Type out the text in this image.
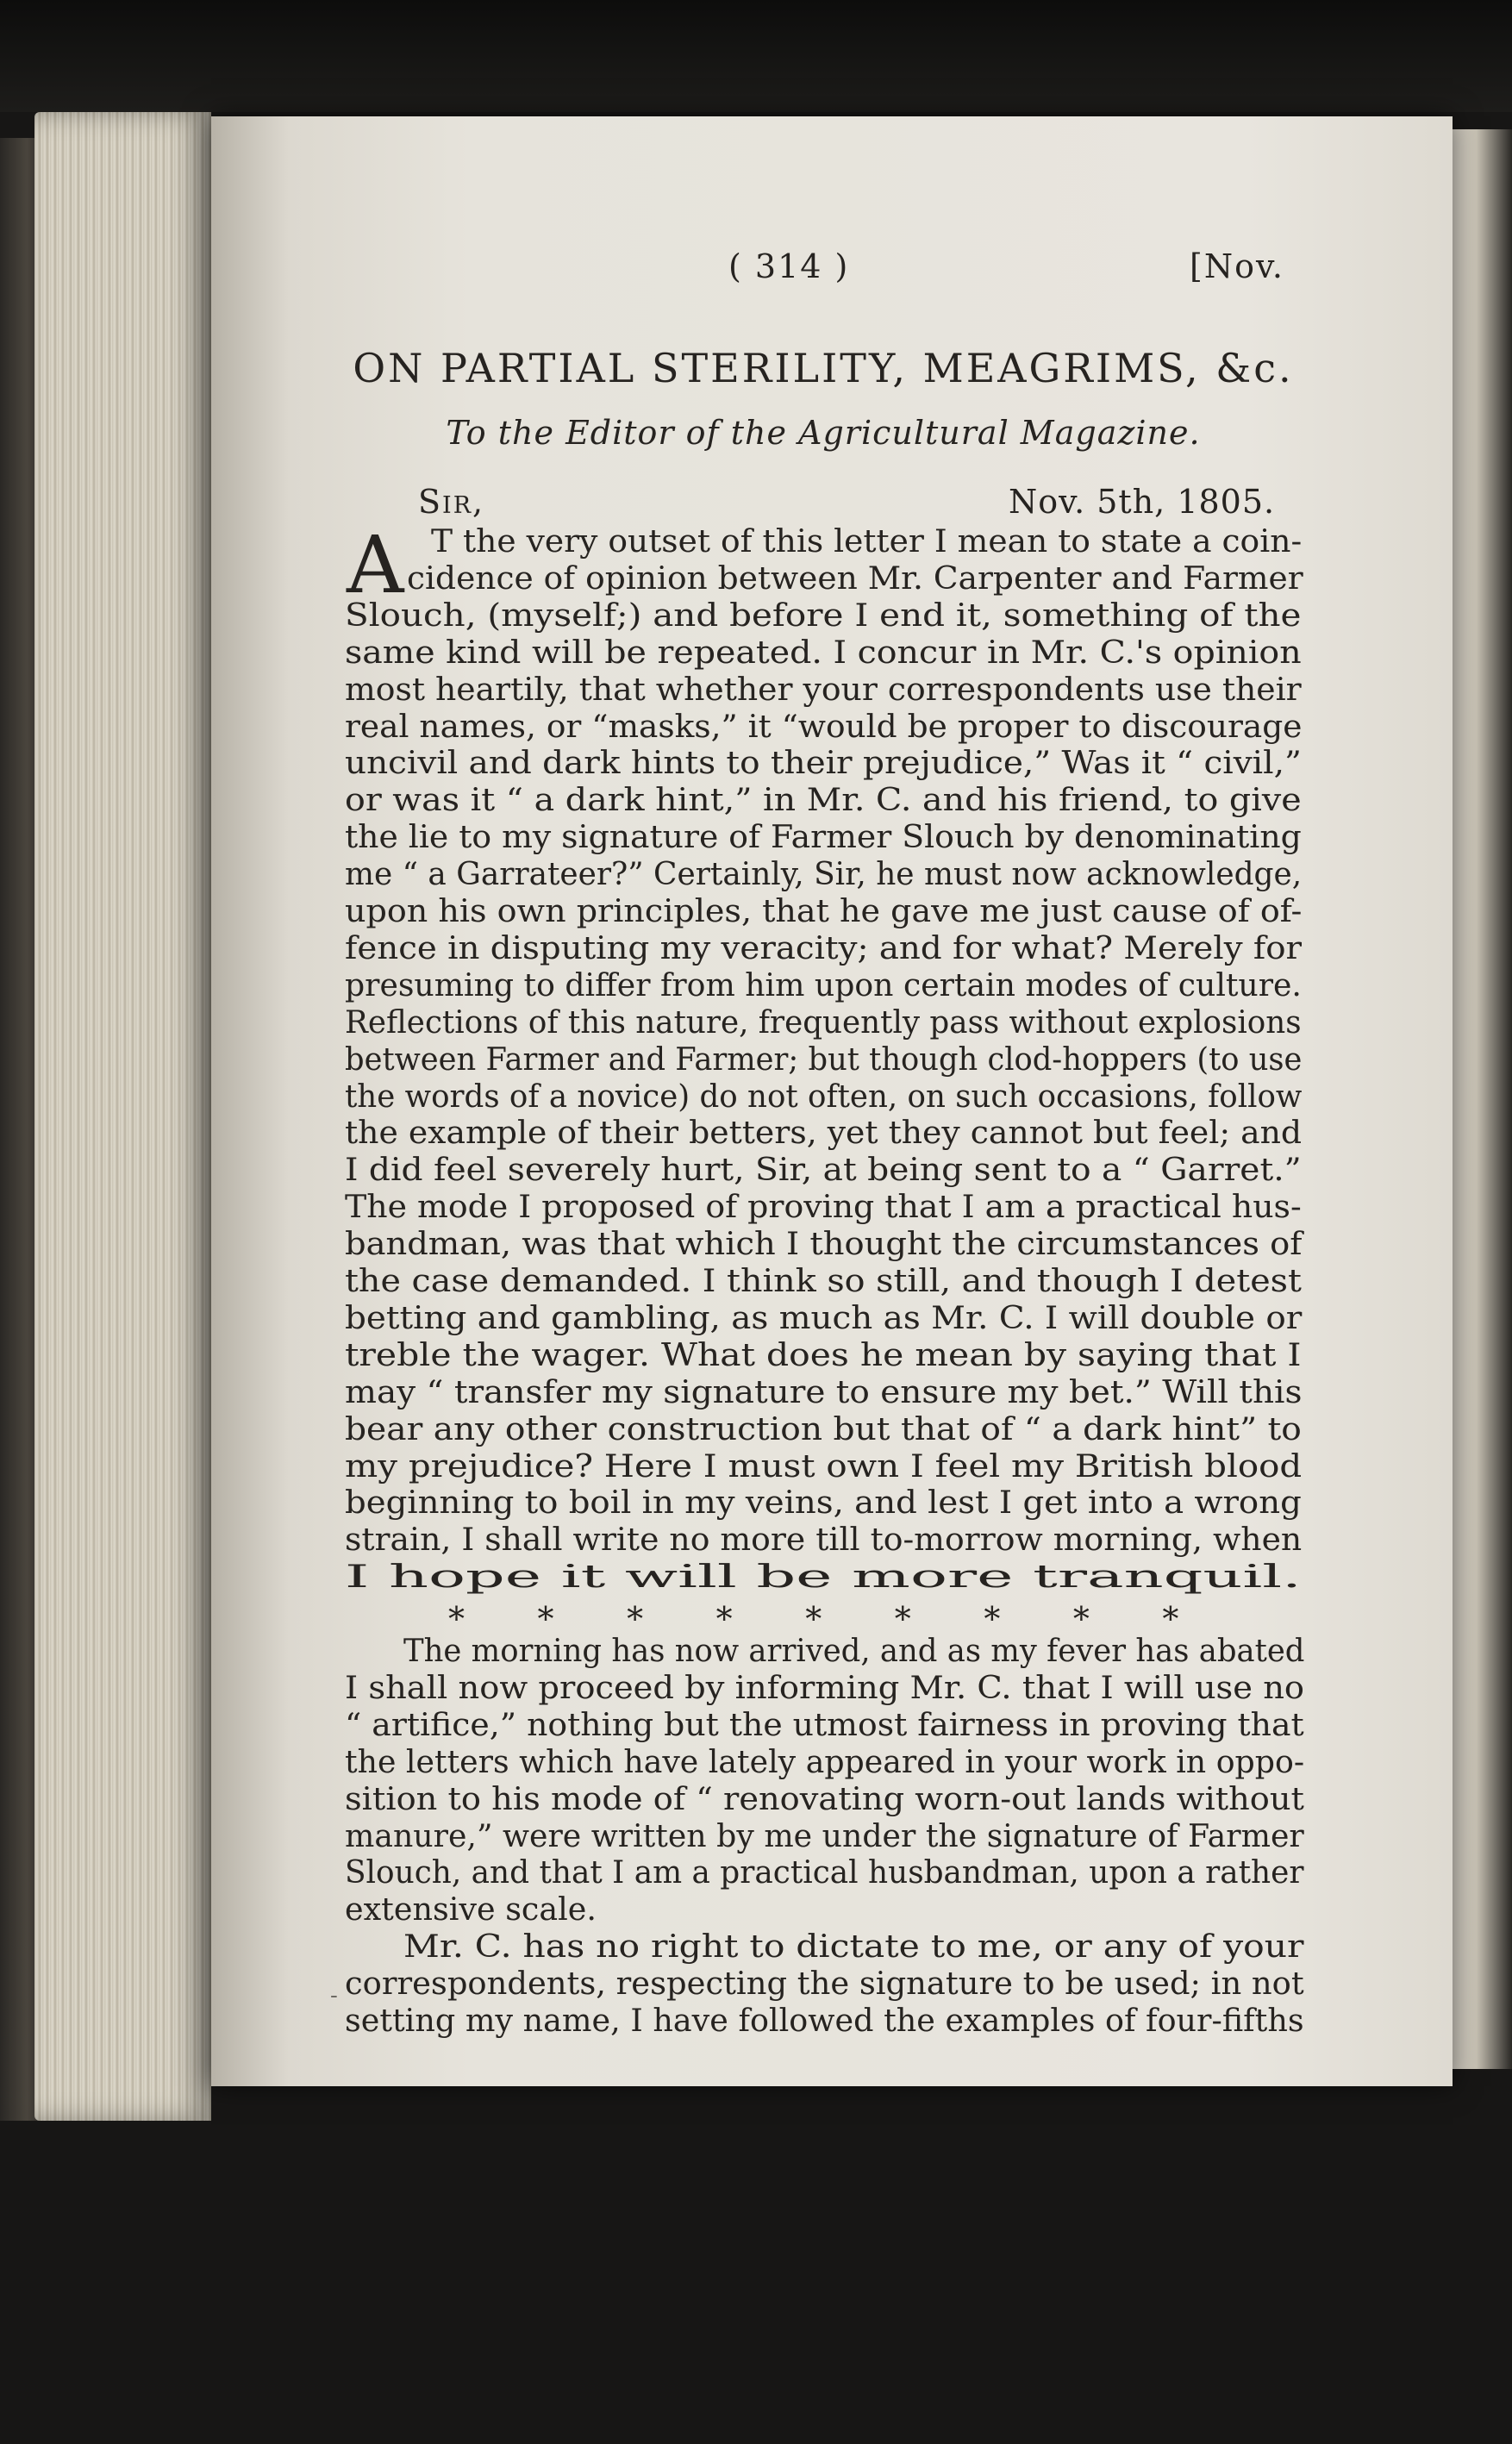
( 314 )	[Nov.
ON PARTIAL STERILITY, MEAGRIMS, &c.
To the Editor of the Agricultural Magazine.
Sir,	Nov. 5th, 1805.
A T the very outset of this letter I mean to state a coin-
cidence of opinion between Mr. Carpenter and Farmer
Slouch, (myself;) and before I end it, something of the
same kind will be repeated. I concur in Mr. C.'s opinion
most heartily, that whether your correspondents use their
real names, or “masks,” it “would be proper to discourage
uncivil and dark hints to their prejudice,” Was it “ civil,”
or was it “ a dark hint,” in Mr. C. and his friend, to give
the lie to my signature of Farmer Slouch by denominating
me “ a Garrateer?” Certainly, Sir, he must now acknowledge,
upon his own principles, that he gave me just cause of of-
fence in disputing my veracity; and for what? Merely for
presuming to differ from him upon certain modes of culture.
Reflections of this nature, frequently pass without explosions
between Farmer and Farmer; but though clod-hoppers (to use
the words of a novice) do not often, on such occasions, follow
the example of their betters, yet they cannot but feel; and
I did feel severely hurt, Sir, at being sent to a “ Garret.”
The mode I proposed of proving that I am a practical hus-
bandman, was that which I thought the circumstances of
the case demanded. I think so still, and though I detest
betting and gambling, as much as Mr. C. I will double or
treble the wager. What does he mean by saying that I
may “ transfer my signature to ensure my bet.” Will this
bear any other construction but that of “ a dark hint” to
my prejudice? Here I must own I feel my British blood
beginning to boil in my veins, and lest I get into a wrong
strain, I shall write no more till to-morrow morning, when
I hope it will be more tranquil.
*       *       *       *       *       *       *       *       *
The morning has now arrived, and as my fever has abated
I shall now proceed by informing Mr. C. that I will use no
“ artifice,” nothing but the utmost fairness in proving that
the letters which have lately appeared in your work in oppo-
sition to his mode of “ renovating worn-out lands without
manure,” were written by me under the signature of Farmer
Slouch, and that I am a practical husbandman, upon a rather
extensive scale.
Mr. C. has no right to dictate to me, or any of your
correspondents, respecting the signature to be used; in not
setting my name, I have followed the examples of four-fifths
-
